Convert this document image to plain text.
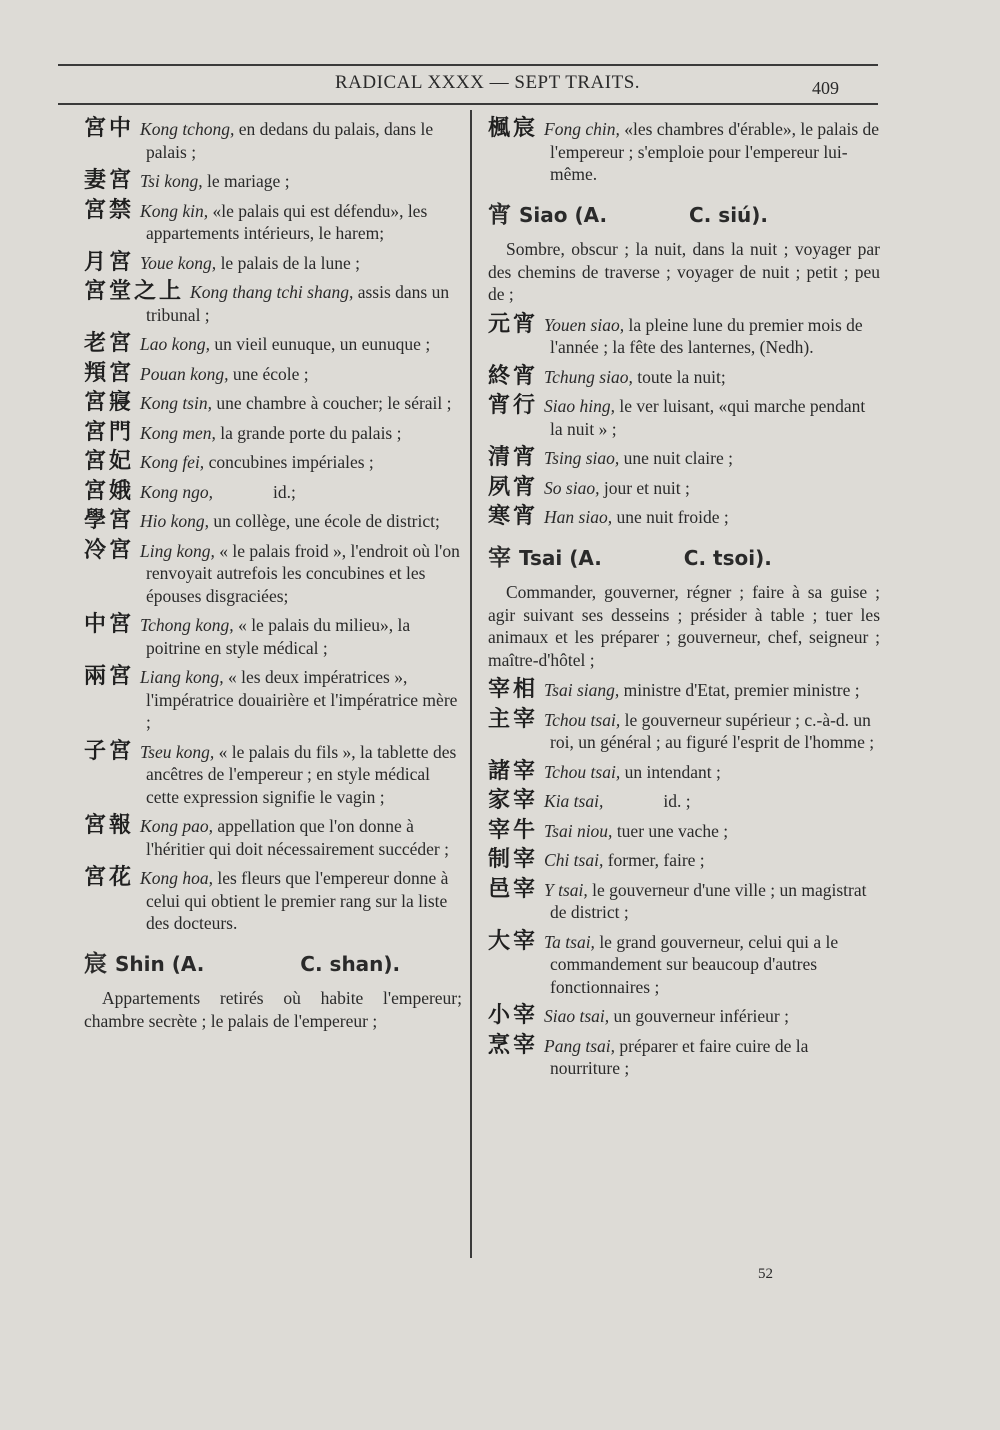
RADICAL XXXX — SEPT TRAITS.	409
宮中 Kong tchong, en dedans du palais, dans le palais ;
妻宮 Tsi kong, le mariage ;
宮禁 Kong kin, «le palais qui est défendu», les appartements intérieurs, le harem;
月宮 Youe kong, le palais de la lune ;
宮堂之上 Kong thang tchi shang, assis dans un tribunal ;
老宮 Lao kong, un vieil eunuque, un eunuque ;
頖宮 Pouan kong, une école ;
宮寢 Kong tsin, une chambre à coucher; le sérail ;
宮門 Kong men, la grande porte du palais ;
宮妃 Kong fei, concubines impériales ;
宮娥 Kong ngo,	id.;
學宮 Hio kong, un collège, une école de district;
冷宮 Ling kong, « le palais froid », l'endroit où l'on renvoyait autrefois les concubines et les épouses disgraciées;
中宮 Tchong kong, « le palais du milieu», la poitrine en style médical ;
兩宮 Liang kong, « les deux impératrices », l'impératrice douairière et l'impératrice mère ;
子宮 Tseu kong, « le palais du fils », la tablette des ancêtres de l'empereur ; en style médical cette expression signifie le vagin ;
宮報 Kong pao, appellation que l'on donne à l'héritier qui doit nécessairement succéder ;
宮花 Kong hoa, les fleurs que l'empereur donne à celui qui obtient le premier rang sur la liste des docteurs.
宸 Shin (A.	C. shan).
Appartements retirés où habite l'empereur; chambre secrète ; le palais de l'empereur ;
楓宸 Fong chin, «les chambres d'érable», le palais de l'empereur ; s'emploie pour l'empereur lui-même.
宵 Siao (A.	C. siú).
Sombre, obscur ; la nuit, dans la nuit ; voyager par des chemins de traverse ; voyager de nuit ; petit ; peu de ;
元宵 Youen siao, la pleine lune du premier mois de l'année ; la fête des lanternes, (Nedh).
終宵 Tchung siao, toute la nuit;
宵行 Siao hing, le ver luisant, «qui marche pendant la nuit » ;
清宵 Tsing siao, une nuit claire ;
夙宵 So siao, jour et nuit ;
寒宵 Han siao, une nuit froide ;
宰 Tsai (A.	C. tsoi).
Commander, gouverner, régner ; faire à sa guise ; agir suivant ses desseins ; présider à table ; tuer les animaux et les préparer ; gouverneur, chef, seigneur ; maître-d'hôtel ;
宰相 Tsai siang, ministre d'Etat, premier ministre ;
主宰 Tchou tsai, le gouverneur supérieur ; c.-à-d. un roi, un général ; au figuré l'esprit de l'homme ;
諸宰 Tchou tsai, un intendant ;
家宰 Kia tsai,	id. ;
宰牛 Tsai niou, tuer une vache ;
制宰 Chi tsai, former, faire ;
邑宰 Y tsai, le gouverneur d'une ville ; un magistrat de district ;
大宰 Ta tsai, le grand gouverneur, celui qui a le commandement sur beaucoup d'autres fonctionnaires ;
小宰 Siao tsai, un gouverneur inférieur ;
烹宰 Pang tsai, préparer et faire cuire de la nourriture ;
52
